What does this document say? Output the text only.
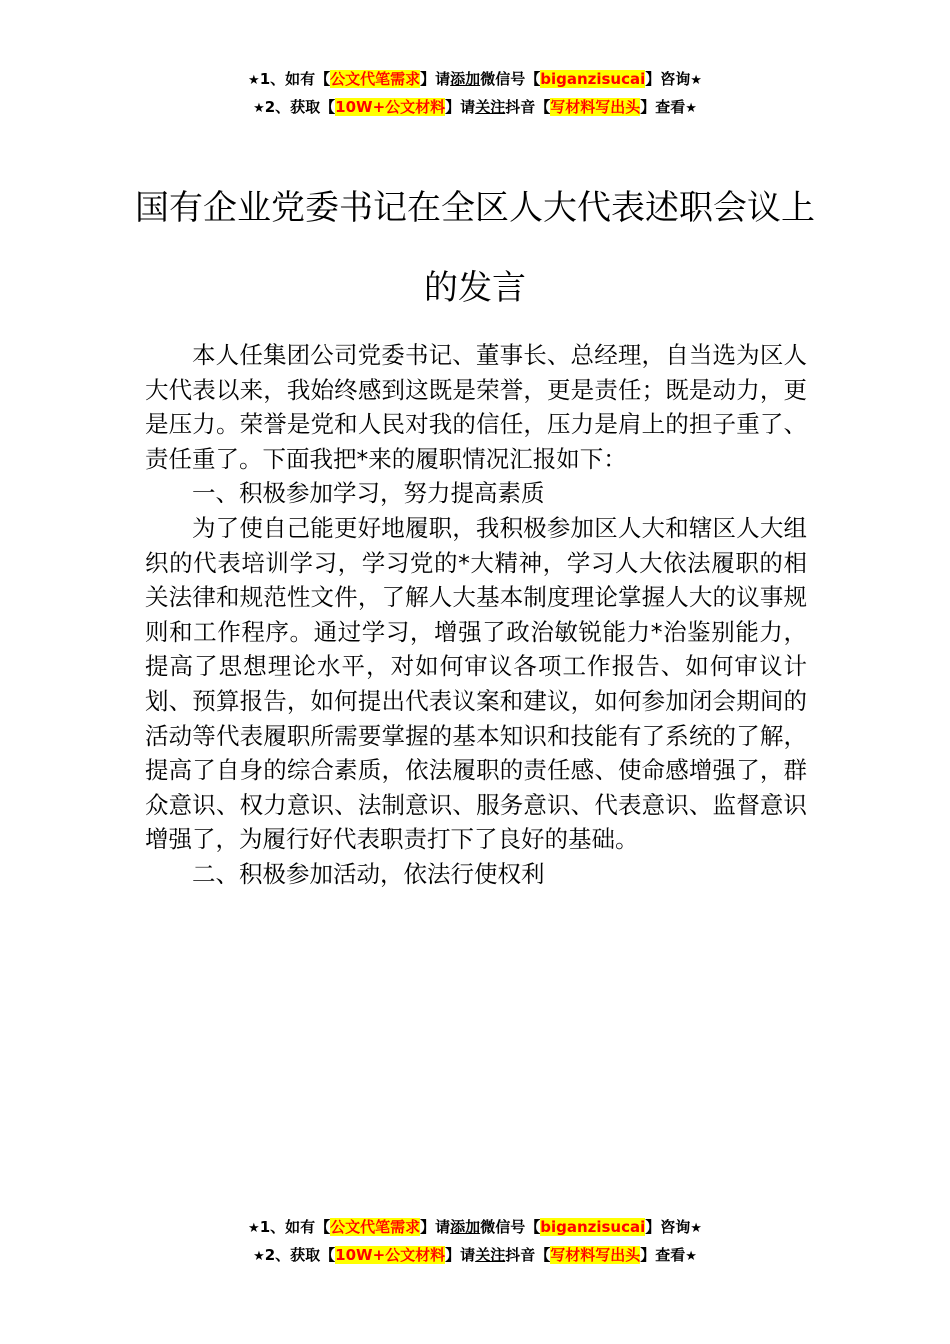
★1、如有【公文代笔需求】请添加微信号【biganzisucai】咨询★
★2、获取【10W+公文材料】请关注抖音【写材料写出头】查看★
国有企业党委书记在全区人大代表述职会议上的发言

本人任集团公司党委书记、董事长、总经理，自当选为区人大代表以来，我始终感到这既是荣誉，更是责任；既是动力，更是压力。荣誉是党和人民对我的信任，压力是肩上的担子重了、责任重了。下面我把*来的履职情况汇报如下：

一、积极参加学习，努力提高素质

为了使自己能更好地履职，我积极参加区人大和辖区人大组织的代表培训学习，学习党的*大精神，学习人大依法履职的相关法律和规范性文件，了解人大基本制度理论掌握人大的议事规则和工作程序。通过学习，增强了政治敏锐能力*治鉴别能力，提高了思想理论水平，对如何审议各项工作报告、如何审议计划、预算报告，如何提出代表议案和建议，如何参加闭会期间的活动等代表履职所需要掌握的基本知识和技能有了系统的了解，提高了自身的综合素质，依法履职的责任感、使命感增强了，群众意识、权力意识、法制意识、服务意识、代表意识、监督意识增强了，为履行好代表职责打下了良好的基础。

二、积极参加活动，依法行使权利

★1、如有【公文代笔需求】请添加微信号【biganzisucai】咨询★
★2、获取【10W+公文材料】请关注抖音【写材料写出头】查看★
